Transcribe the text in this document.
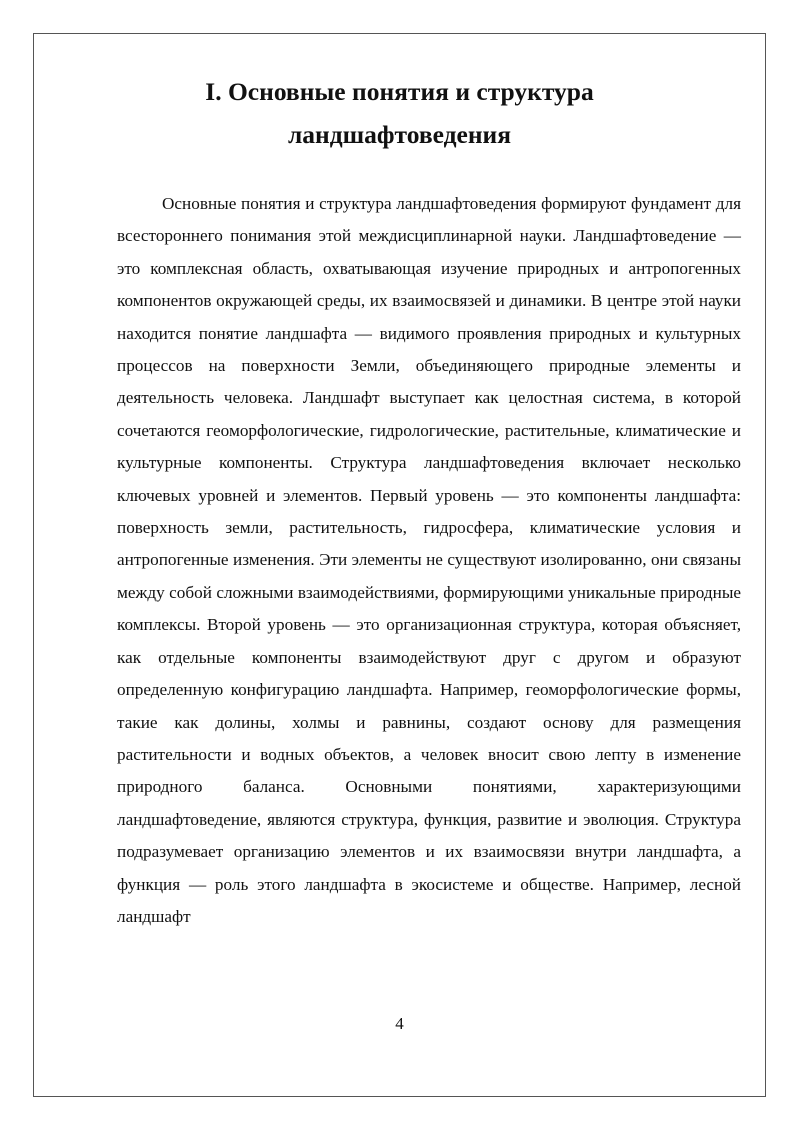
I. Основные понятия и структура
ландшафтоведения

Основные понятия и структура ландшафтоведения формируют фундамент для всестороннего понимания этой междисциплинарной науки. Ландшафтоведение — это комплексная область, охватывающая изучение природных и антропогенных компонентов окружающей среды, их взаимосвязей и динамики. В центре этой науки находится понятие ландшафта — видимого проявления природных и культурных процессов на поверхности Земли, объединяющего природные элементы и деятельность человека. Ландшафт выступает как целостная система, в которой сочетаются геоморфологические, гидрологические, растительные, климатические и культурные компоненты. Структура ландшафтоведения включает несколько ключевых уровней и элементов. Первый уровень — это компоненты ландшафта: поверхность земли, растительность, гидросфера, климатические условия и антропогенные изменения. Эти элементы не существуют изолированно, они связаны между собой сложными взаимодействиями, формирующими уникальные природные комплексы. Второй уровень — это организационная структура, которая объясняет, как отдельные компоненты взаимодействуют друг с другом и образуют определенную конфигурацию ландшафта. Например, геоморфологические формы, такие как долины, холмы и равнины, создают основу для размещения растительности и водных объектов, а человек вносит свою лепту в изменение природного баланса. Основными понятиями, характеризующими ландшафтоведение, являются структура, функция, развитие и эволюция. Структура подразумевает организацию элементов и их взаимосвязи внутри ландшафта, а функция — роль этого ландшафта в экосистеме и обществе. Например, лесной ландшафт

4
